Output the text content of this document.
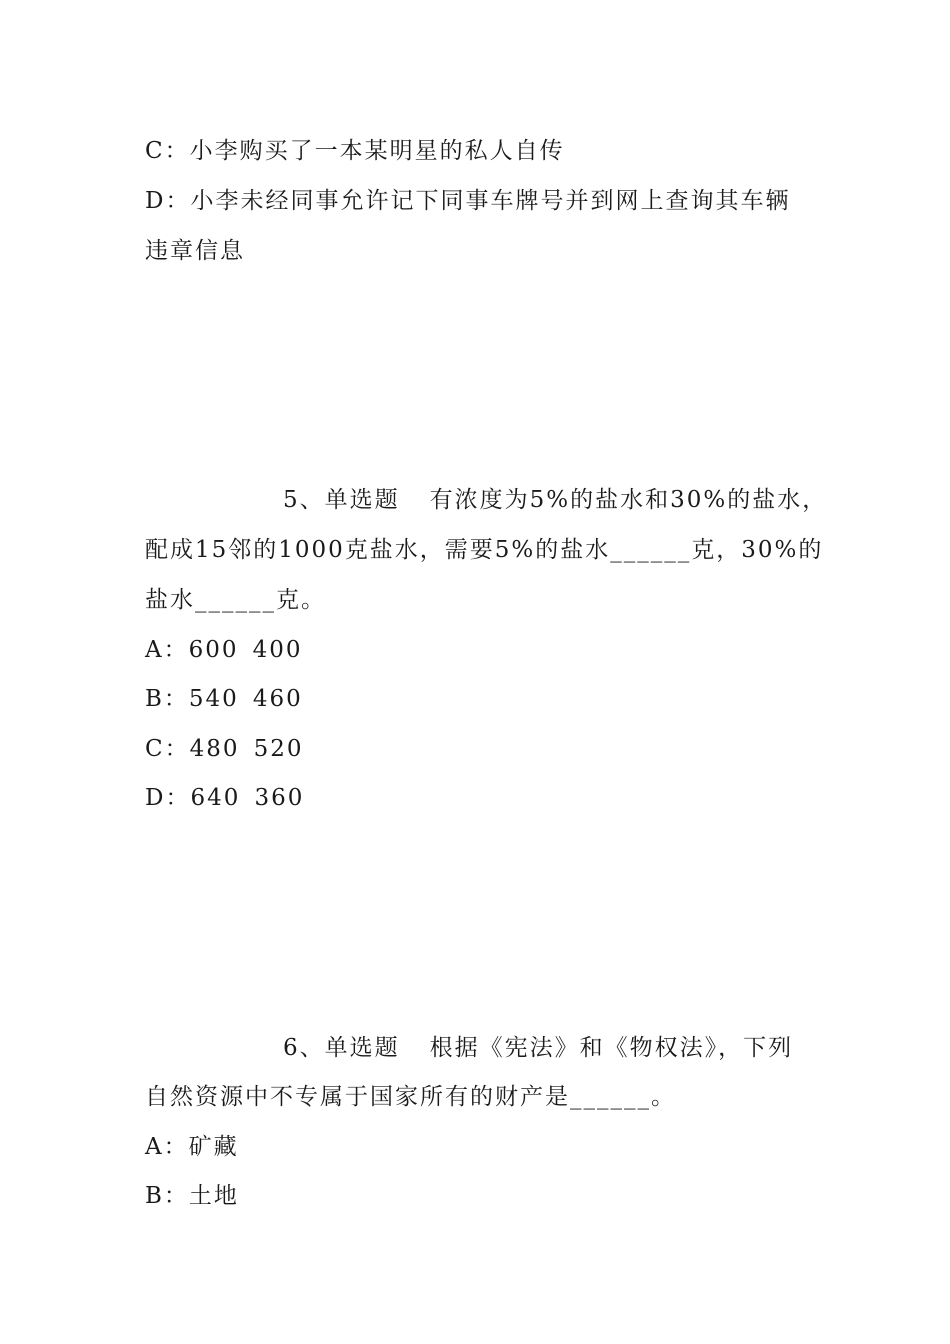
C：小李购买了一本某明星的私人自传
D：小李未经同事允许记下同事车牌号并到网上查询其车辆
违章信息
5、单选题 有浓度为5%的盐水和30%的盐水，
配成15邻的1000克盐水，需要5%的盐水______克，30%的
盐水______克。
A：600 400
B：540 460
C：480 520
D：640 360
6、单选题 根据《宪法》和《物权法》，下列
自然资源中不专属于国家所有的财产是______。
A：矿藏
B：土地
